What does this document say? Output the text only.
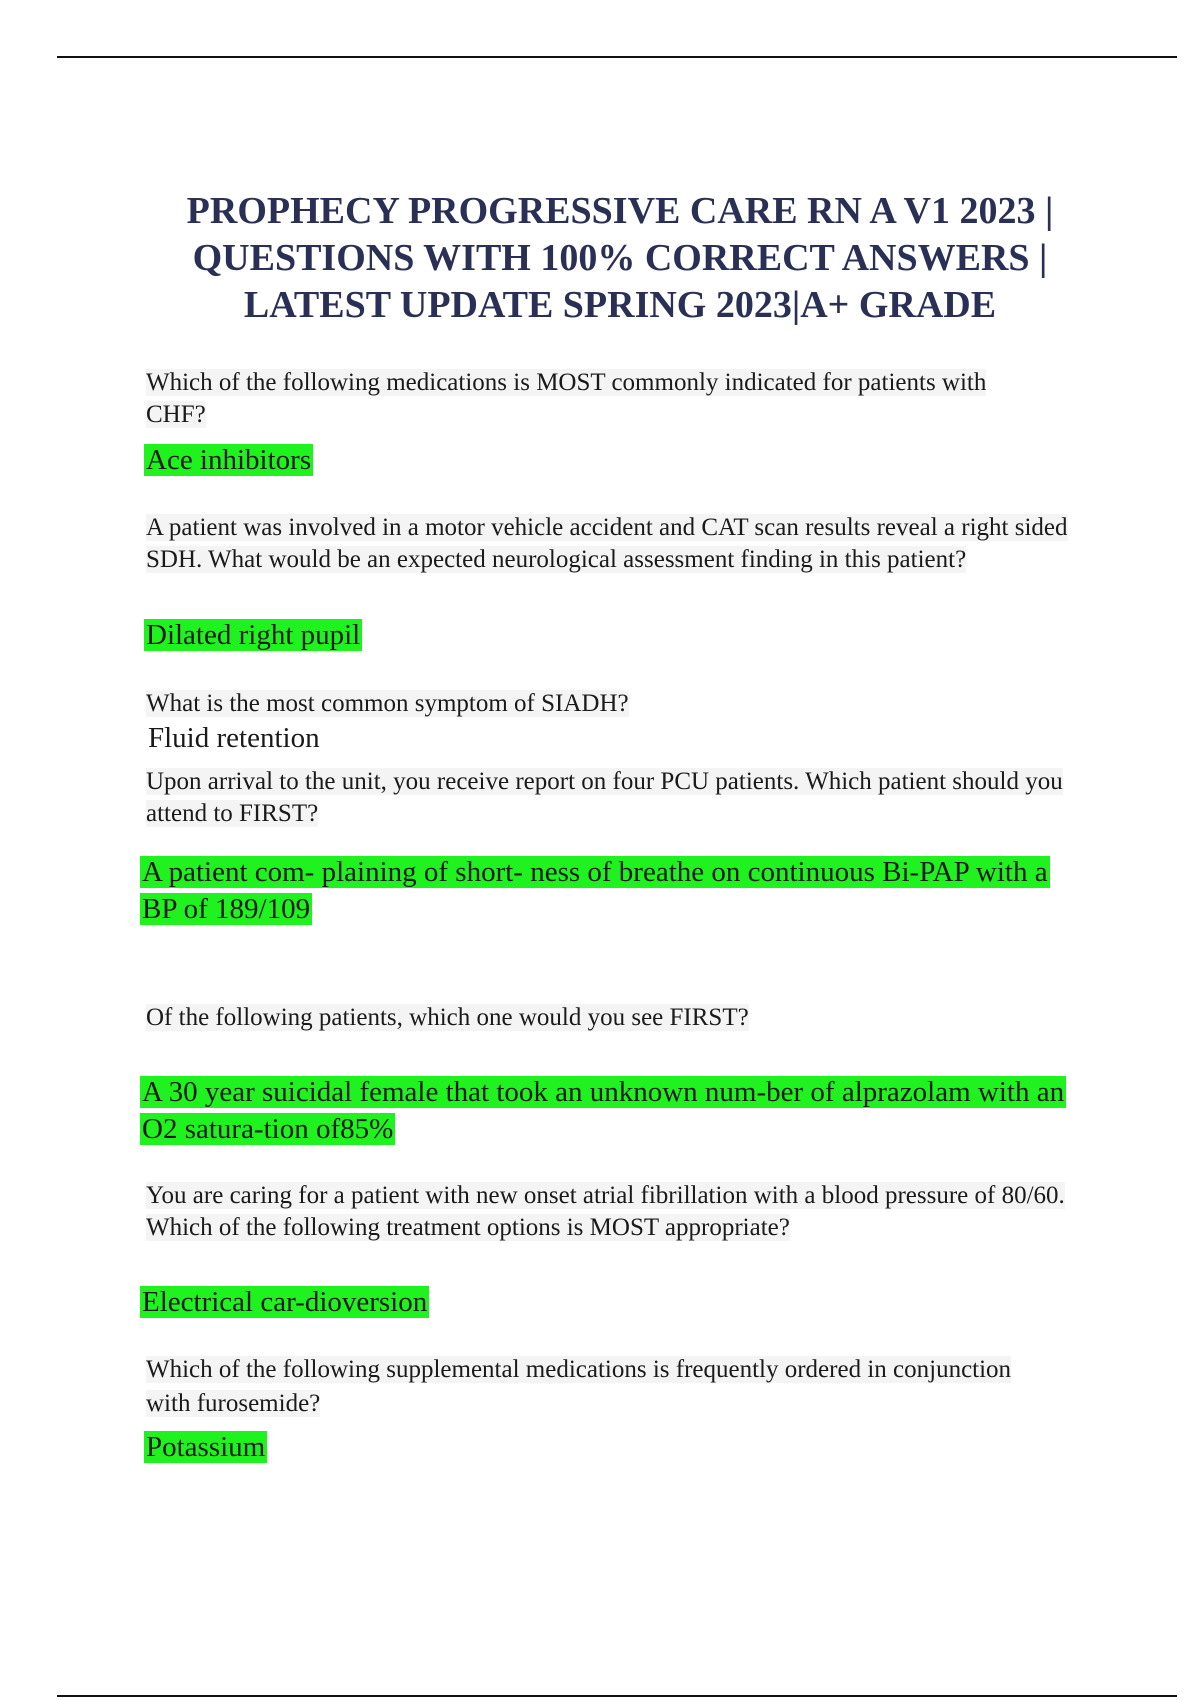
PROPHECY PROGRESSIVE CARE RN A V1 2023 | QUESTIONS WITH 100% CORRECT ANSWERS | LATEST UPDATE SPRING 2023|A+ GRADE

Which of the following medications is MOST commonly indicated for patients with CHF?

Ace inhibitors

A patient was involved in a motor vehicle accident and CAT scan results reveal a right sided SDH. What would be an expected neurological assessment finding in this patient?

Dilated right pupil

What is the most common symptom of SIADH?

Fluid retention

Upon arrival to the unit, you receive report on four PCU patients. Which patient should you attend to FIRST?

A patient com- plaining of short- ness of breathe on continuous Bi-PAP with a BP of 189/109

Of the following patients, which one would you see FIRST?

A 30 year suicidal female that took an unknown num-ber of alprazolam with an O2 satura-tion of85%

You are caring for a patient with new onset atrial fibrillation with a blood pressure of 80/60. Which of the following treatment options is MOST appropriate?

Electrical car-dioversion

Which of the following supplemental medications is frequently ordered in conjunction with furosemide?

Potassium
